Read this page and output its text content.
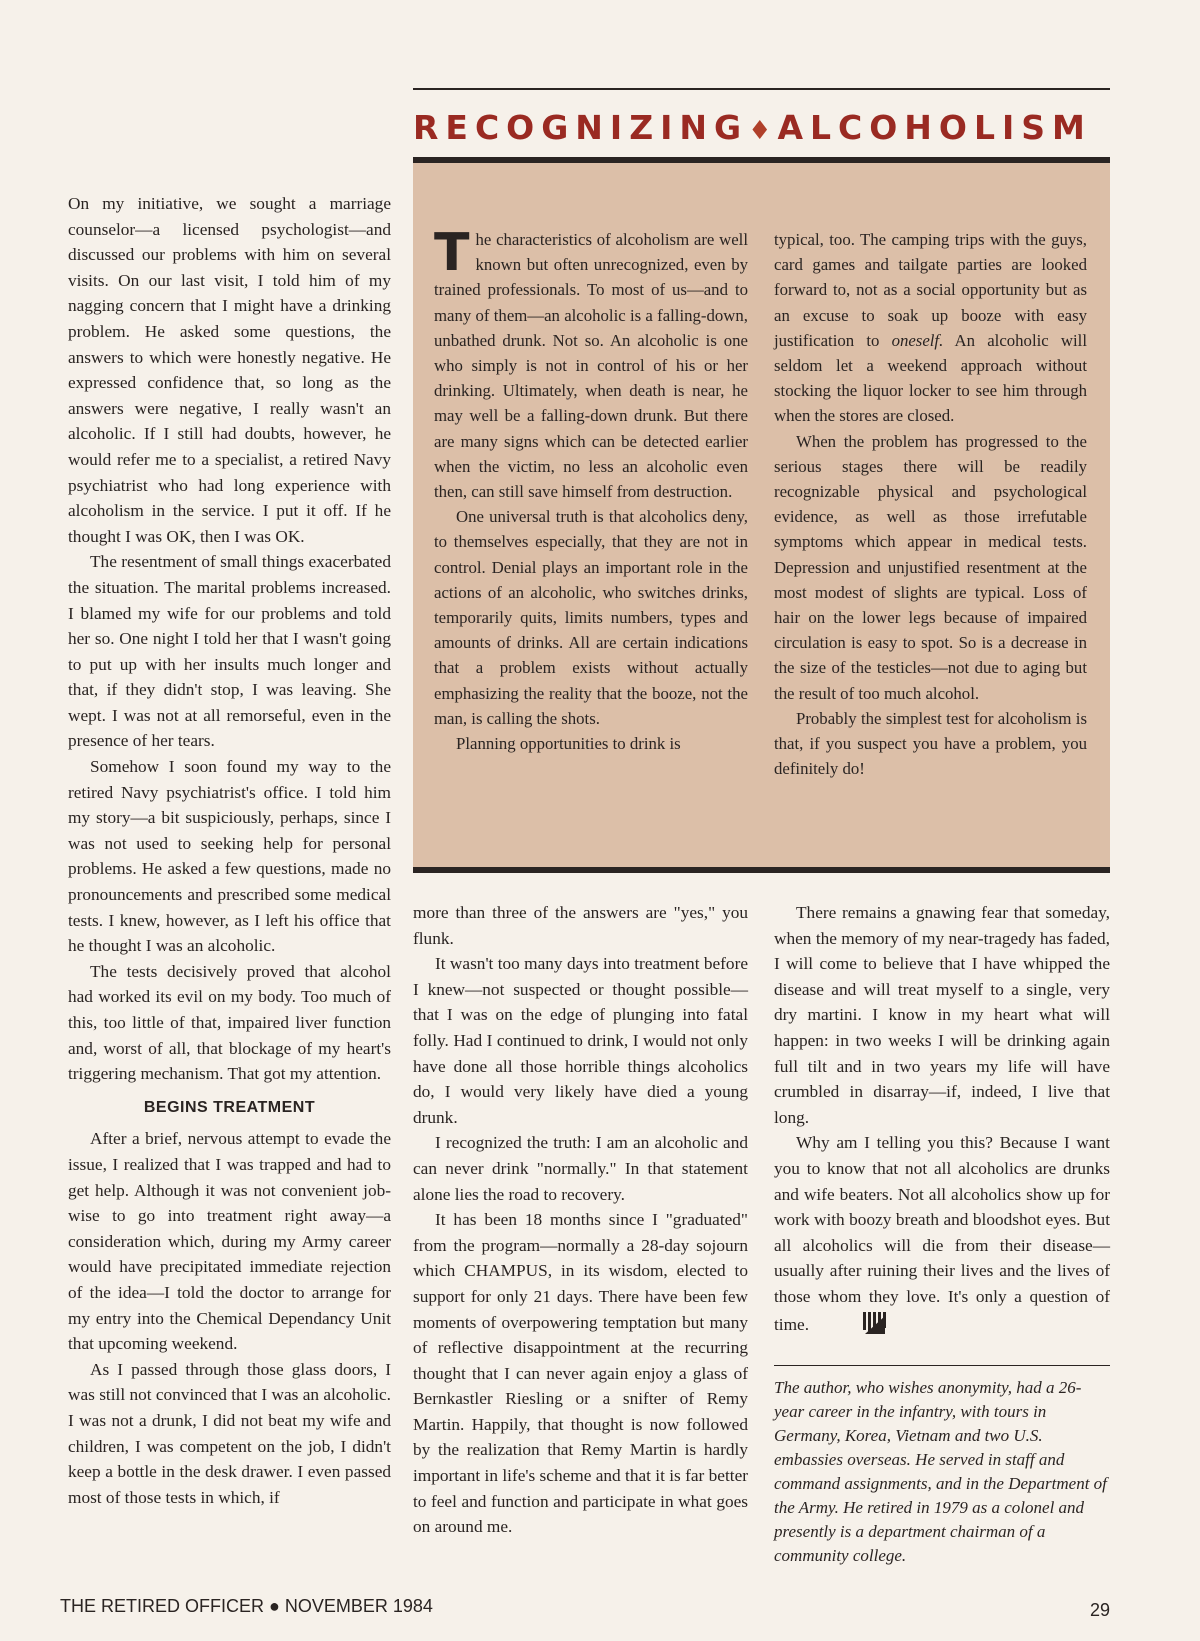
RECOGNIZING♦ ALCOHOLISM

On my initiative, we sought a marriage counselor—a licensed psychologist—and discussed our problems with him on several visits. On our last visit, I told him of my nagging concern that I might have a drinking problem. He asked some questions, the answers to which were honestly negative. He expressed confidence that, so long as the answers were negative, I really wasn't an alcoholic. If I still had doubts, however, he would refer me to a specialist, a retired Navy psychiatrist who had long experience with alcoholism in the service. I put it off. If he thought I was OK, then I was OK.

The resentment of small things exacerbated the situation. The marital problems increased. I blamed my wife for our problems and told her so. One night I told her that I wasn't going to put up with her insults much longer and that, if they didn't stop, I was leaving. She wept. I was not at all remorseful, even in the presence of her tears.

Somehow I soon found my way to the retired Navy psychiatrist's office. I told him my story—a bit suspiciously, perhaps, since I was not used to seeking help for personal problems. He asked a few questions, made no pronouncements and prescribed some medical tests. I knew, however, as I left his office that he thought I was an alcoholic.

The tests decisively proved that alcohol had worked its evil on my body. Too much of this, too little of that, impaired liver function and, worst of all, that blockage of my heart's triggering mechanism. That got my attention.

BEGINS TREATMENT

After a brief, nervous attempt to evade the issue, I realized that I was trapped and had to get help. Although it was not convenient job-wise to go into treatment right away—a consideration which, during my Army career would have precipitated immediate rejection of the idea—I told the doctor to arrange for my entry into the Chemical Dependancy Unit that upcoming weekend.

As I passed through those glass doors, I was still not convinced that I was an alcoholic. I was not a drunk, I did not beat my wife and children, I was competent on the job, I didn't keep a bottle in the desk drawer. I even passed most of those tests in which, if

The characteristics of alcoholism are well known but often unrecognized, even by trained professionals. To most of us—and to many of them—an alcoholic is a falling-down, unbathed drunk. Not so. An alcoholic is one who simply is not in control of his or her drinking. Ultimately, when death is near, he may well be a falling-down drunk. But there are many signs which can be detected earlier when the victim, no less an alcoholic even then, can still save himself from destruction.

One universal truth is that alcoholics deny, to themselves especially, that they are not in control. Denial plays an important role in the actions of an alcoholic, who switches drinks, temporarily quits, limits numbers, types and amounts of drinks. All are certain indications that a problem exists without actually emphasizing the reality that the booze, not the man, is calling the shots.

Planning opportunities to drink is

typical, too. The camping trips with the guys, card games and tailgate parties are looked forward to, not as a social opportunity but as an excuse to soak up booze with easy justification to oneself. An alcoholic will seldom let a weekend approach without stocking the liquor locker to see him through when the stores are closed.

When the problem has progressed to the serious stages there will be readily recognizable physical and psychological evidence, as well as those irrefutable symptoms which appear in medical tests. Depression and unjustified resentment at the most modest of slights are typical. Loss of hair on the lower legs because of impaired circulation is easy to spot. So is a decrease in the size of the testicles—not due to aging but the result of too much alcohol.

Probably the simplest test for alcoholism is that, if you suspect you have a problem, you definitely do!

more than three of the answers are "yes," you flunk.

It wasn't too many days into treatment before I knew—not suspected or thought possible—that I was on the edge of plunging into fatal folly. Had I continued to drink, I would not only have done all those horrible things alcoholics do, I would very likely have died a young drunk.

I recognized the truth: I am an alcoholic and can never drink "normally." In that statement alone lies the road to recovery.

It has been 18 months since I "graduated" from the program—normally a 28-day sojourn which CHAMPUS, in its wisdom, elected to support for only 21 days. There have been few moments of overpowering temptation but many of reflective disappointment at the recurring thought that I can never again enjoy a glass of Bernkastler Riesling or a snifter of Remy Martin. Happily, that thought is now followed by the realization that Remy Martin is hardly important in life's scheme and that it is far better to feel and function and participate in what goes on around me.

There remains a gnawing fear that someday, when the memory of my near-tragedy has faded, I will come to believe that I have whipped the disease and will treat myself to a single, very dry martini. I know in my heart what will happen: in two weeks I will be drinking again full tilt and in two years my life will have crumbled in disarray—if, indeed, I live that long.

Why am I telling you this? Because I want you to know that not all alcoholics are drunks and wife beaters. Not all alcoholics show up for work with boozy breath and bloodshot eyes. But all alcoholics will die from their disease—usually after ruining their lives and the lives of those whom they love. It's only a question of time.

The author, who wishes anonymity, had a 26-year career in the infantry, with tours in Germany, Korea, Vietnam and two U.S. embassies overseas. He served in staff and command assignments, and in the Department of the Army. He retired in 1979 as a colonel and presently is a department chairman of a community college.

THE RETIRED OFFICER ● NOVEMBER 1984	29
